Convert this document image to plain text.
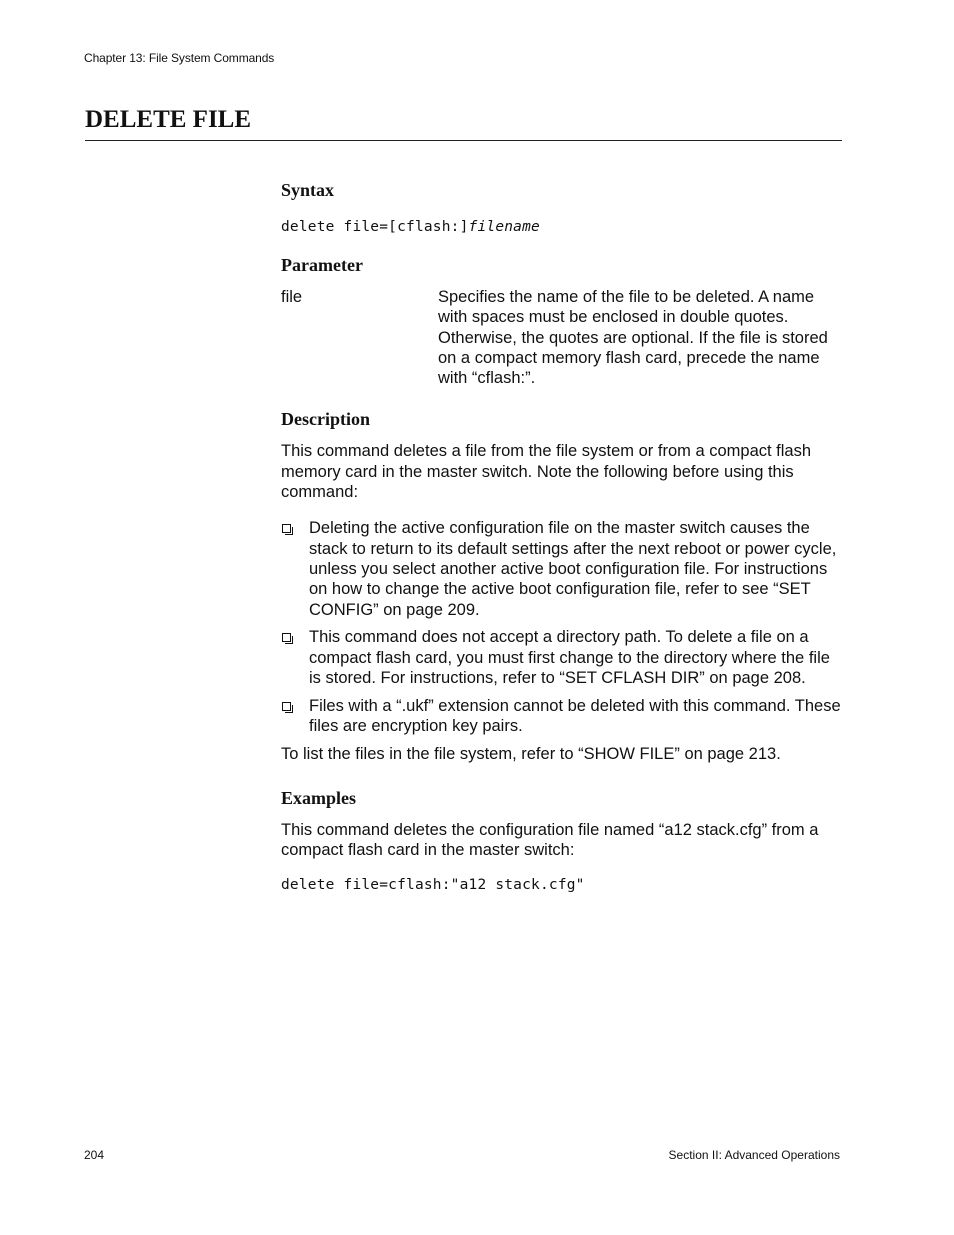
Chapter 13: File System Commands
DELETE FILE
Syntax
delete file=[cflash:]filename
Parameter
file	Specifies the name of the file to be deleted. A name with spaces must be enclosed in double quotes. Otherwise, the quotes are optional. If the file is stored on a compact memory flash card, precede the name with “cflash:”.
Description

This command deletes a file from the file system or from a compact flash memory card in the master switch. Note the following before using this command:

Deleting the active configuration file on the master switch causes the stack to return to its default settings after the next reboot or power cycle, unless you select another active boot configuration file. For instructions on how to change the active boot configuration file, refer to see “SET CONFIG” on page 209.
This command does not accept a directory path. To delete a file on a compact flash card, you must first change to the directory where the file is stored. For instructions, refer to “SET CFLASH DIR” on page 208.
Files with a “.ukf” extension cannot be deleted with this command. These files are encryption key pairs.

To list the files in the file system, refer to “SHOW FILE” on page 213.

Examples

This command deletes the configuration file named “a12 stack.cfg” from a compact flash card in the master switch:

delete file=cflash:"a12 stack.cfg"
204	Section II: Advanced Operations
